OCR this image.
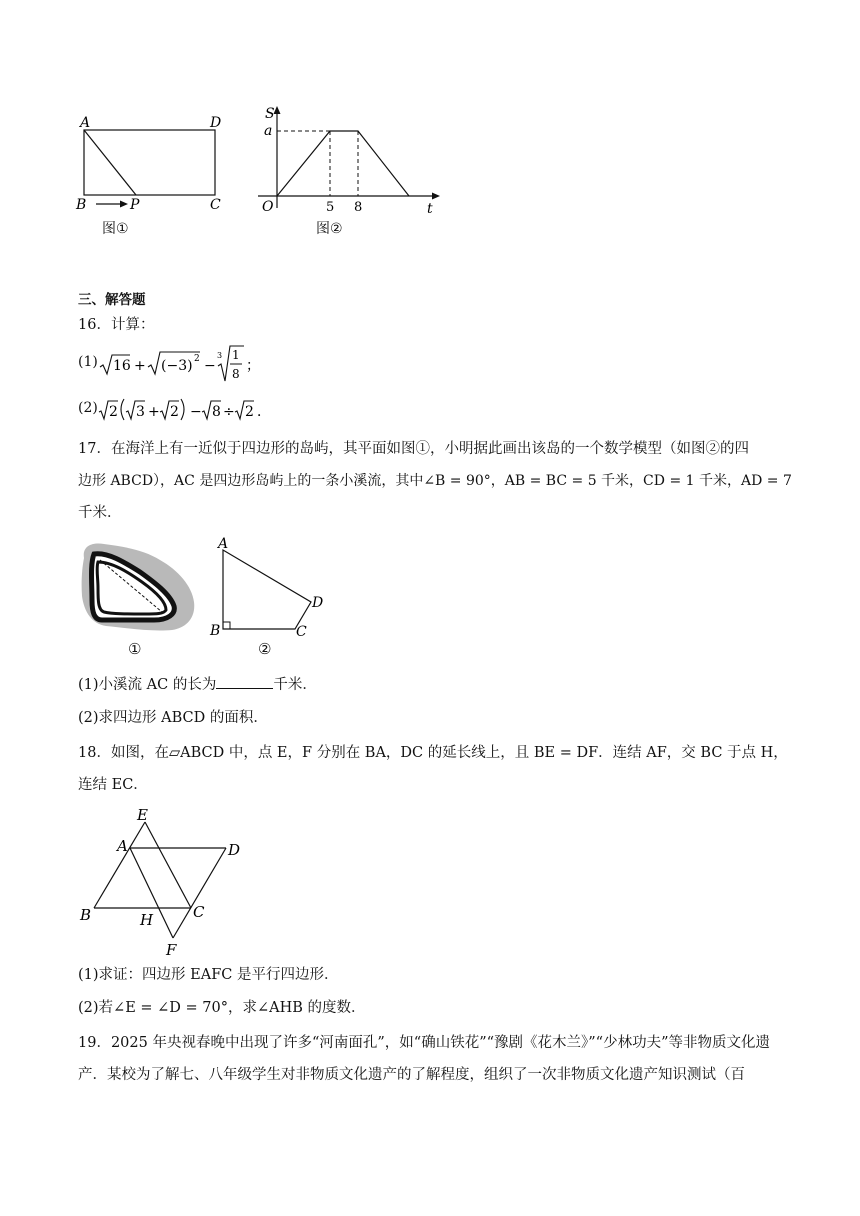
A	D
B	P	C
图①
S
a
O	5 8	t
图②
三、解答题
16．计算：
(1) 16 + (−3) 2 −
3 1
8 ；
(2) 2 3 + 2 − 8 ÷ 2 ．
17．在海洋上有一近似于四边形的岛屿，其平面如图①，小明据此画出该岛的一个数学模型（如图②的四
边形 ABCD），AC 是四边形岛屿上的一条小溪流，其中∠B = 90°，AB = BC = 5 千米，CD = 1 千米，AD = 7
千米．
①
A
B	C
D
②
(1)小溪流 AC 的长为	千米．
(2)求四边形 ABCD 的面积．
18．如图，在▱ABCD 中，点 E，F 分别在 BA，DC 的延长线上，且 BE = DF．连结 AF，交 BC 于点 H，
连结 EC．
E
A	D
B	H	C
F
(1)求证：四边形 EAFC 是平行四边形．
(2)若∠E = ∠D = 70°，求∠AHB 的度数．
19．2025 年央视春晚中出现了许多“河南面孔”，如“确山铁花”“豫剧《花木兰》”“少林功夫”等非物质文化遗
产．某校为了解七、八年级学生对非物质文化遗产的了解程度，组织了一次非物质文化遗产知识测试（百
